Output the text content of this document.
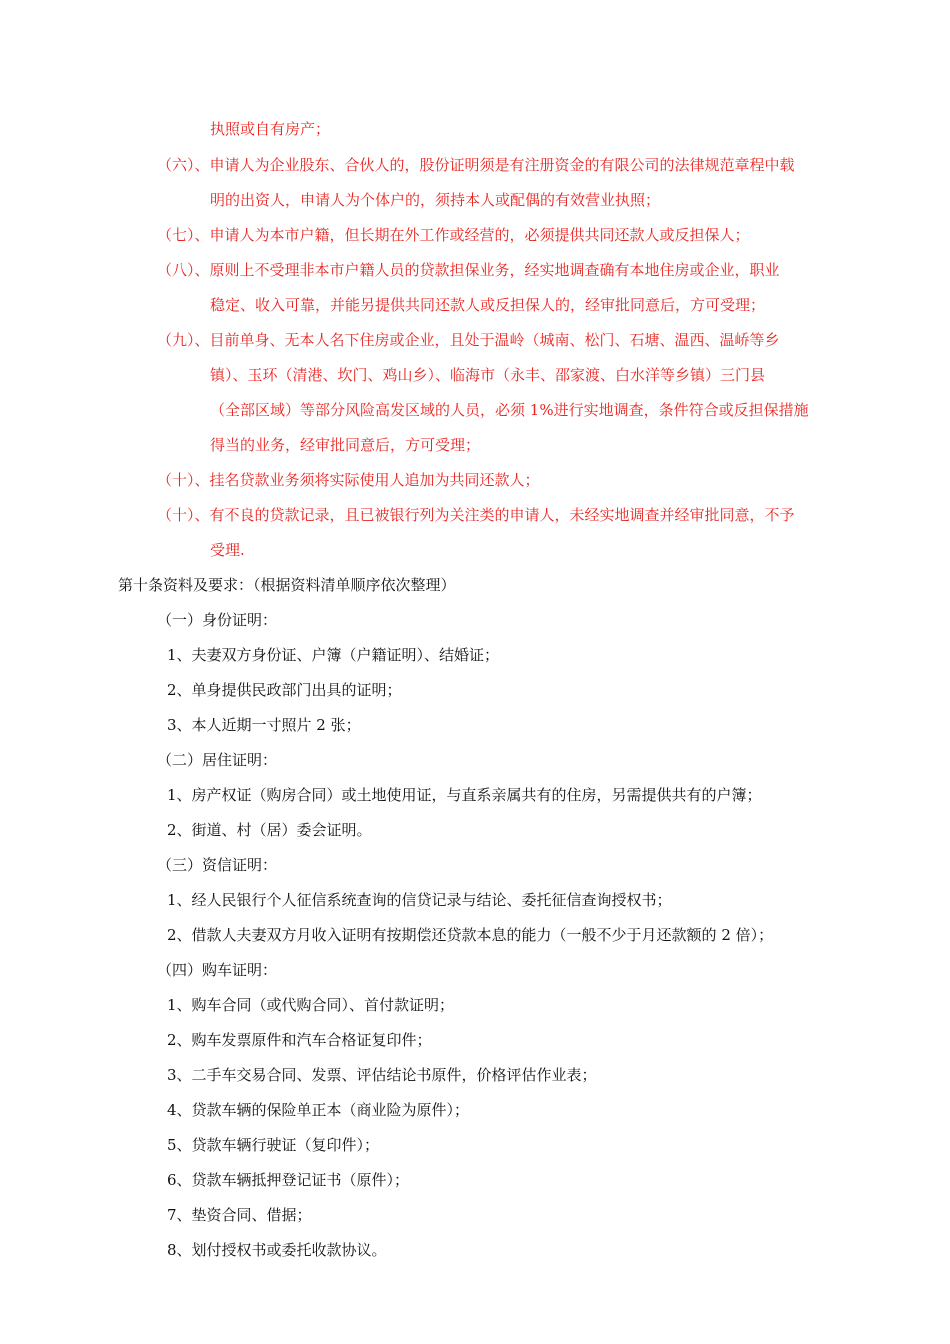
执照或自有房产；
（六）、申请人为企业股东、合伙人的，股份证明须是有注册资金的有限公司的法律规范章程中载
明的出资人，申请人为个体户的，须持本人或配偶的有效营业执照；
（七）、申请人为本市户籍，但长期在外工作或经营的，必须提供共同还款人或反担保人；
（八）、原则上不受理非本市户籍人员的贷款担保业务，经实地调查确有本地住房或企业，职业
稳定、收入可靠，并能另提供共同还款人或反担保人的，经审批同意后，方可受理；
（九）、目前单身、无本人名下住房或企业，且处于温岭（城南、松门、石塘、温西、温峤等乡
镇）、玉环（清港、坎门、鸡山乡）、临海市（永丰、邵家渡、白水洋等乡镇）三门县
（全部区域）等部分风险高发区域的人员，必须 1%进行实地调查，条件符合或反担保措施
得当的业务，经审批同意后，方可受理；
（十）、挂名贷款业务须将实际使用人追加为共同还款人；
（十）、有不良的贷款记录，且已被银行列为关注类的申请人，未经实地调查并经审批同意，不予
受理.
第十条资料及要求：（根据资料清单顺序依次整理）
（一）身份证明：
1、夫妻双方身份证、户簿（户籍证明）、结婚证；
2、单身提供民政部门出具的证明；
3、本人近期一寸照片 2 张；
（二）居住证明：
1、房产权证（购房合同）或土地使用证，与直系亲属共有的住房，另需提供共有的户簿；
2、街道、村（居）委会证明。
（三）资信证明：
1、经人民银行个人征信系统查询的信贷记录与结论、委托征信查询授权书；
2、借款人夫妻双方月收入证明有按期偿还贷款本息的能力（一般不少于月还款额的 2 倍）；
（四）购车证明：
1、购车合同（或代购合同）、首付款证明；
2、购车发票原件和汽车合格证复印件；
3、二手车交易合同、发票、评估结论书原件，价格评估作业表；
4、贷款车辆的保险单正本（商业险为原件）；
5、贷款车辆行驶证（复印件）；
6、贷款车辆抵押登记证书（原件）；
7、垫资合同、借据；
8、划付授权书或委托收款协议。
